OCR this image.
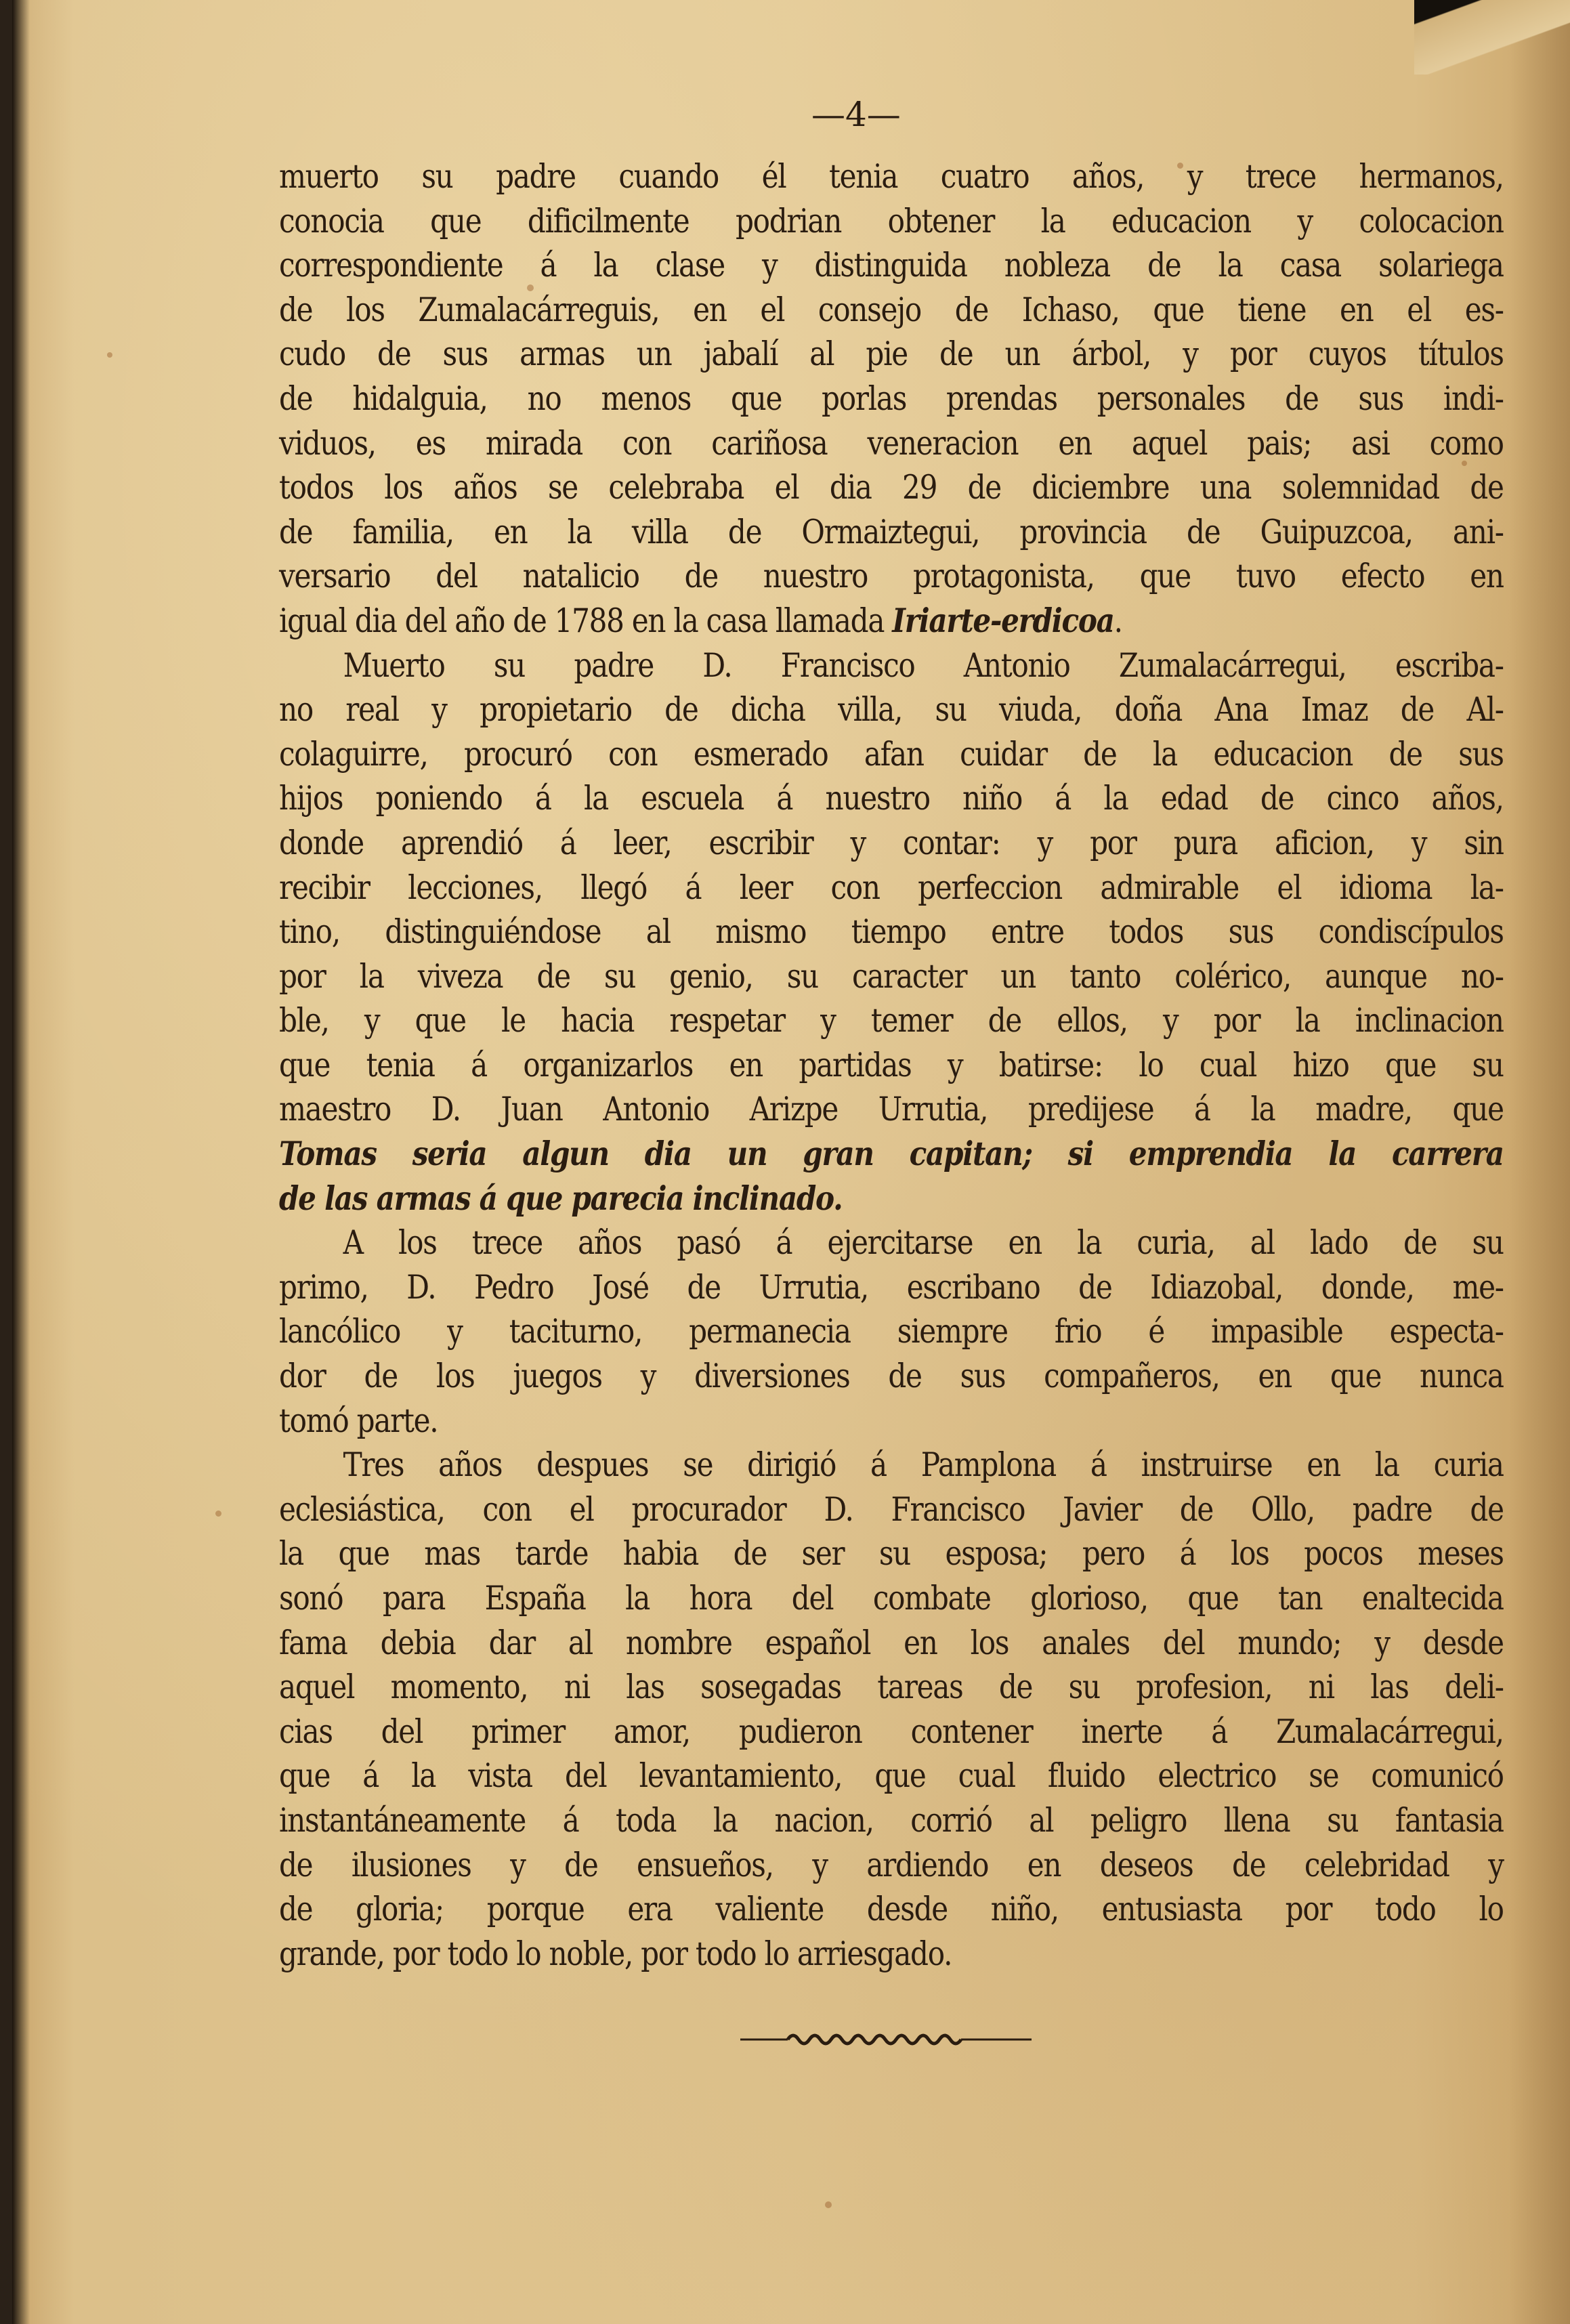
—4—
muerto su padre cuando él tenia cuatro años, y trece hermanos,
conocia que dificilmente podrian obtener la educacion y colocacion
correspondiente á la clase y distinguida nobleza de la casa solariega
de los Zumalacárreguis, en el consejo de Ichaso, que tiene en el es-
cudo de sus armas un jabalí al pie de un árbol, y por cuyos títulos
de hidalguia, no menos que porlas prendas personales de sus indi-
viduos, es mirada con cariñosa veneracion en aquel pais; asi como
todos los años se celebraba el dia 29 de diciembre una solemnidad de
de familia, en la villa de Ormaiztegui, provincia de Guipuzcoa, ani-
versario del natalicio de nuestro protagonista, que tuvo efecto en
igual dia del año de 1788 en la casa llamada Iriarte-erdicoa.
Muerto su padre D. Francisco Antonio Zumalacárregui, escriba-
no real y propietario de dicha villa, su viuda, doña Ana Imaz de Al-
colaguirre, procuró con esmerado afan cuidar de la educacion de sus
hijos poniendo á la escuela á nuestro niño á la edad de cinco años,
donde aprendió á leer, escribir y contar: y por pura aficion, y sin
recibir lecciones, llegó á leer con perfeccion admirable el idioma la-
tino, distinguiéndose al mismo tiempo entre todos sus condiscípulos
por la viveza de su genio, su caracter un tanto colérico, aunque no-
ble, y que le hacia respetar y temer de ellos, y por la inclinacion
que tenia á organizarlos en partidas y batirse: lo cual hizo que su
maestro D. Juan Antonio Arizpe Urrutia, predijese á la madre, que
Tomas seria algun dia un gran capitan; si emprendia la carrera
de las armas á que parecia inclinado.
A los trece años pasó á ejercitarse en la curia, al lado de su
primo, D. Pedro José de Urrutia, escribano de Idiazobal, donde, me-
lancólico y taciturno, permanecia siempre frio é impasible especta-
dor de los juegos y diversiones de sus compañeros, en que nunca
tomó parte.
Tres años despues se dirigió á Pamplona á instruirse en la curia
eclesiástica, con el procurador D. Francisco Javier de Ollo, padre de
la que mas tarde habia de ser su esposa; pero á los pocos meses
sonó para España la hora del combate glorioso, que tan enaltecida
fama debia dar al nombre español en los anales del mundo; y desde
aquel momento, ni las sosegadas tareas de su profesion, ni las deli-
cias del primer amor, pudieron contener inerte á Zumalacárregui,
que á la vista del levantamiento, que cual fluido electrico se comunicó
instantáneamente á toda la nacion, corrió al peligro llena su fantasia
de ilusiones y de ensueños, y ardiendo en deseos de celebridad y
de gloria; porque era valiente desde niño, entusiasta por todo lo
grande, por todo lo noble, por todo lo arriesgado.
